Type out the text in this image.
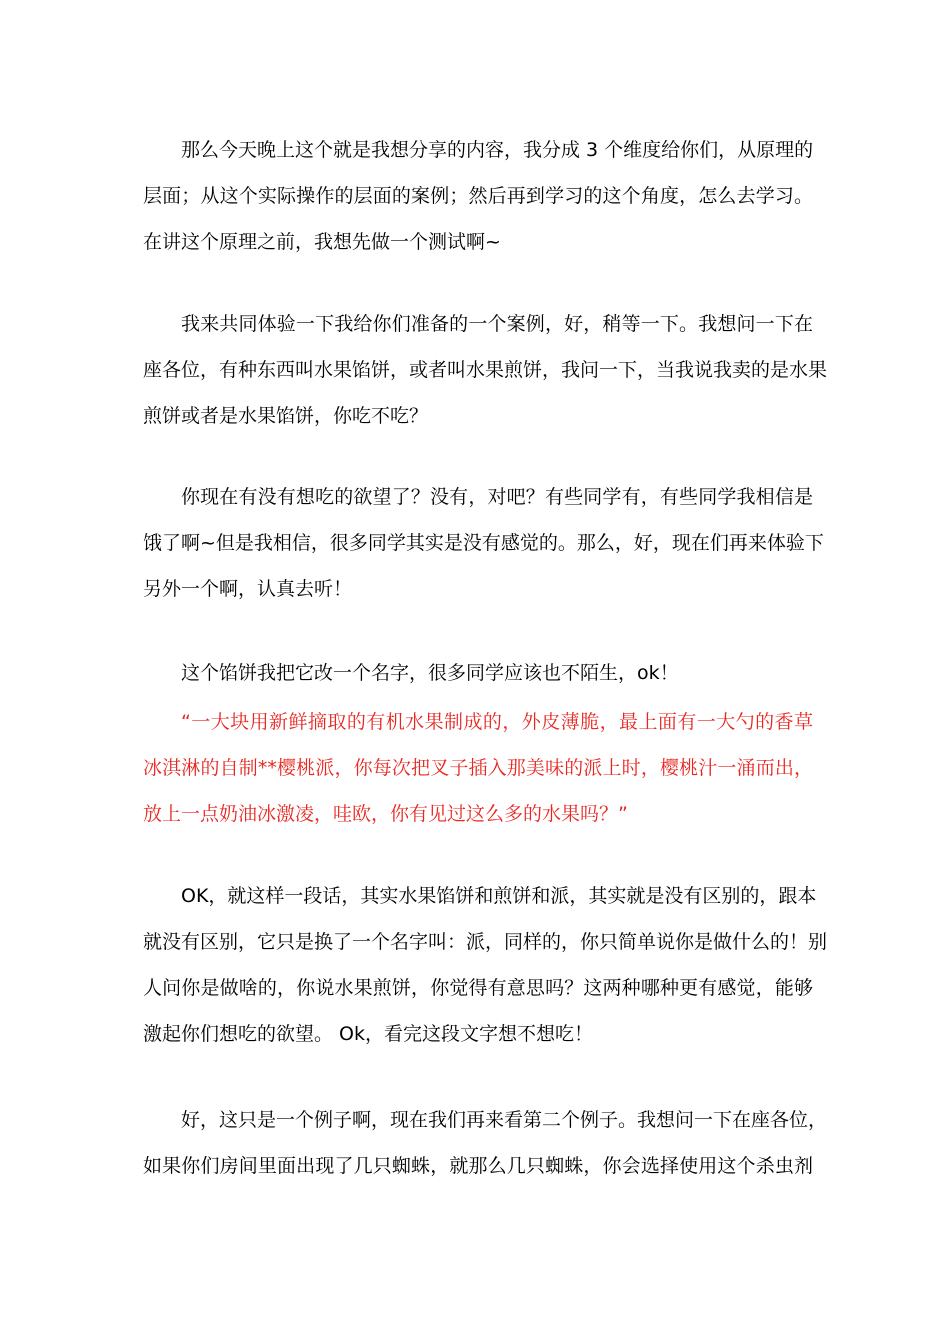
那么今天晚上这个就是我想分享的内容，我分成 3 个维度给你们，从原理的
层面；从这个实际操作的层面的案例；然后再到学习的这个角度，怎么去学习。
在讲这个原理之前，我想先做一个测试啊~

我来共同体验一下我给你们准备的一个案例，好，稍等一下。我想问一下在
座各位，有种东西叫水果馅饼，或者叫水果煎饼，我问一下，当我说我卖的是水果
煎饼或者是水果馅饼，你吃不吃？

你现在有没有想吃的欲望了？没有，对吧？有些同学有，有些同学我相信是
饿了啊~但是我相信，很多同学其实是没有感觉的。那么，好，现在们再来体验下
另外一个啊，认真去听！

这个馅饼我把它改一个名字，很多同学应该也不陌生，ok！

“一大块用新鲜摘取的有机水果制成的，外皮薄脆，最上面有一大勺的香草
冰淇淋的自制**樱桃派，你每次把叉子插入那美味的派上时，樱桃汁一涌而出，
放上一点奶油冰激凌，哇欧，你有见过这么多的水果吗？”

OK，就这样一段话，其实水果馅饼和煎饼和派，其实就是没有区别的，跟本
就没有区别，它只是换了一个名字叫：派，同样的，你只简单说你是做什么的！别
人问你是做啥的，你说水果煎饼，你觉得有意思吗？这两种哪种更有感觉，能够
激起你们想吃的欲望。 Ok，看完这段文字想不想吃！

好，这只是一个例子啊，现在我们再来看第二个例子。我想问一下在座各位，
如果你们房间里面出现了几只蜘蛛，就那么几只蜘蛛，你会选择使用这个杀虫剂
